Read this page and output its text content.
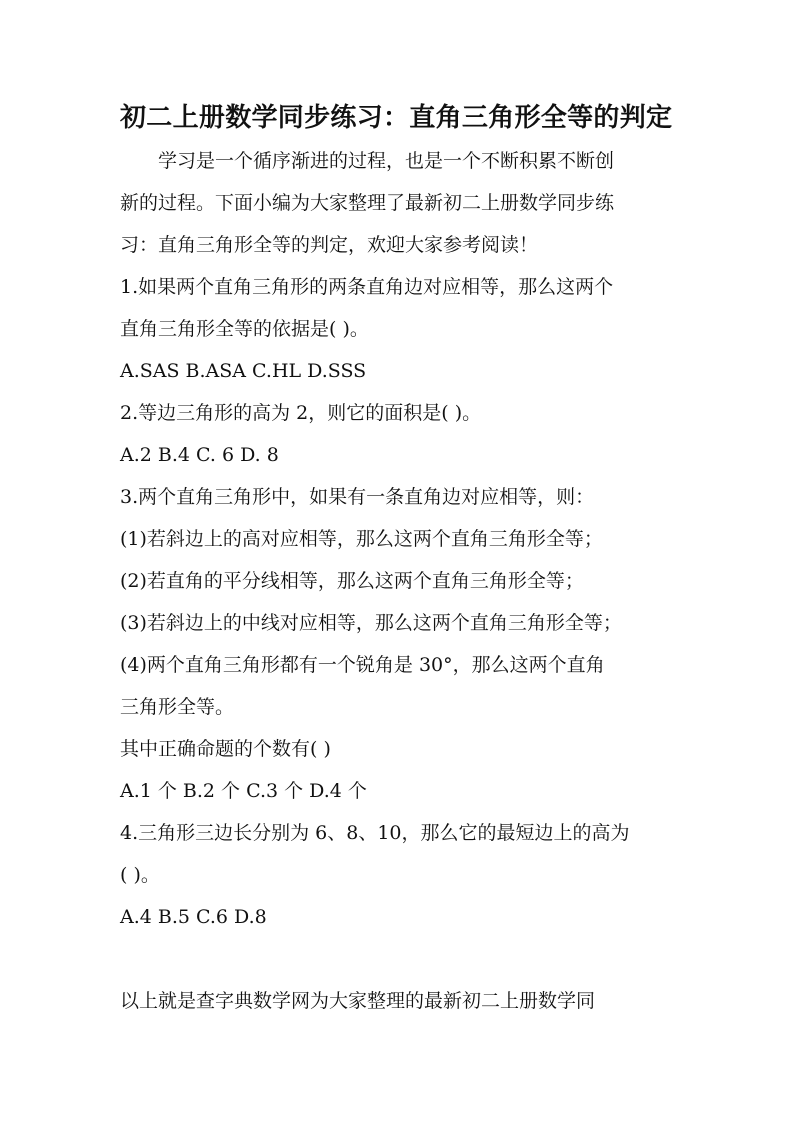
初二上册数学同步练习：直角三角形全等的判定
学习是一个循序渐进的过程，也是一个不断积累不断创
新的过程。下面小编为大家整理了最新初二上册数学同步练
习：直角三角形全等的判定，欢迎大家参考阅读！
1.如果两个直角三角形的两条直角边对应相等，那么这两个
直角三角形全等的依据是( )。
A.SAS B.ASA C.HL D.SSS
2.等边三角形的高为 2，则它的面积是( )。
A.2 B.4 C. 6 D. 8
3.两个直角三角形中，如果有一条直角边对应相等，则：
(1)若斜边上的高对应相等，那么这两个直角三角形全等；
(2)若直角的平分线相等，那么这两个直角三角形全等；
(3)若斜边上的中线对应相等，那么这两个直角三角形全等；
(4)两个直角三角形都有一个锐角是 30°，那么这两个直角
三角形全等。
其中正确命题的个数有( )
A.1 个 B.2 个 C.3 个 D.4 个
4.三角形三边长分别为 6、8、10，那么它的最短边上的高为
( )。
A.4 B.5 C.6 D.8
以上就是查字典数学网为大家整理的最新初二上册数学同
